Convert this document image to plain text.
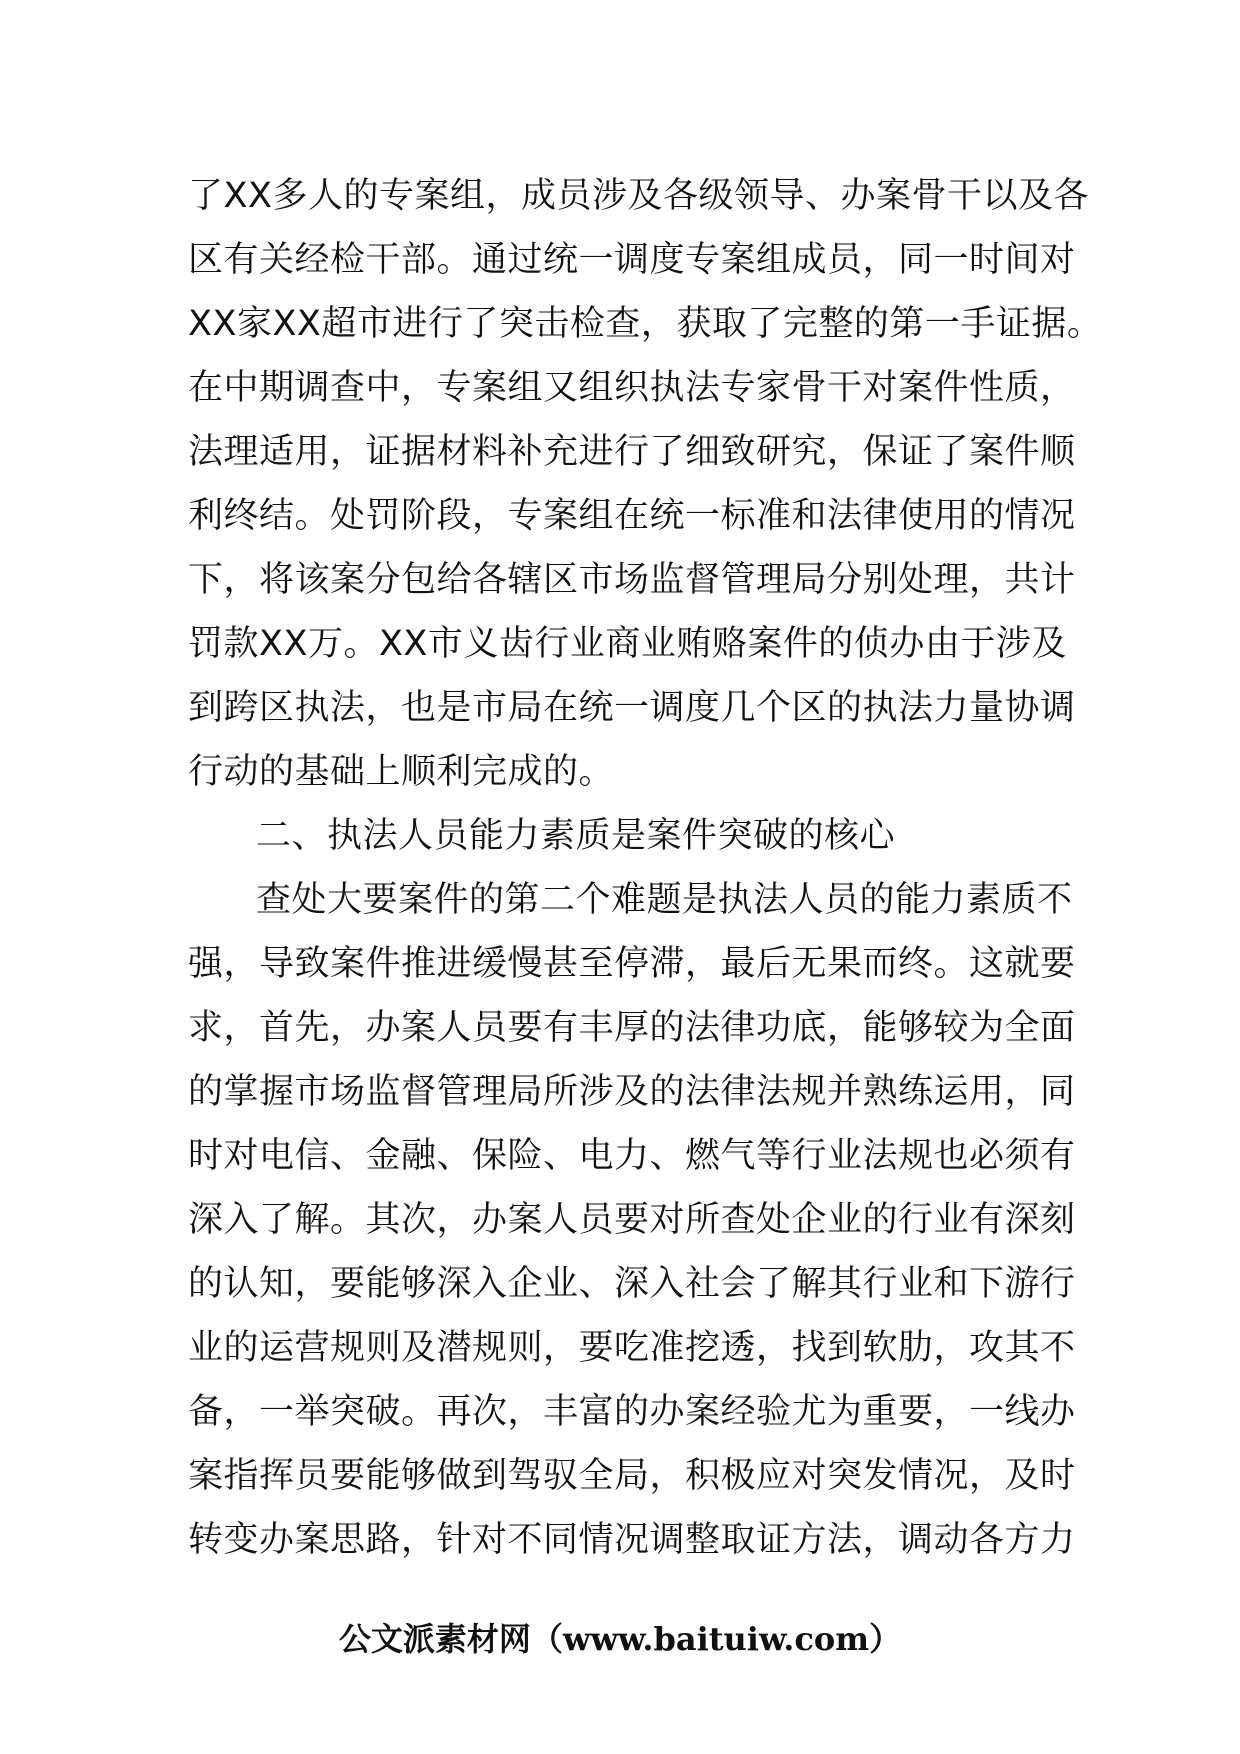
了XX多人的专案组，成员涉及各级领导、办案骨干以及各
区有关经检干部。通过统一调度专案组成员，同一时间对
XX家XX超市进行了突击检查，获取了完整的第一手证据。
在中期调查中，专案组又组织执法专家骨干对案件性质，
法理适用，证据材料补充进行了细致研究，保证了案件顺
利终结。处罚阶段，专案组在统一标准和法律使用的情况
下，将该案分包给各辖区市场监督管理局分别处理，共计
罚款XX万。XX市义齿行业商业贿赂案件的侦办由于涉及
到跨区执法，也是市局在统一调度几个区的执法力量协调
行动的基础上顺利完成的。
二、执法人员能力素质是案件突破的核心
查处大要案件的第二个难题是执法人员的能力素质不
强，导致案件推进缓慢甚至停滞，最后无果而终。这就要
求，首先，办案人员要有丰厚的法律功底，能够较为全面
的掌握市场监督管理局所涉及的法律法规并熟练运用，同
时对电信、金融、保险、电力、燃气等行业法规也必须有
深入了解。其次，办案人员要对所查处企业的行业有深刻
的认知，要能够深入企业、深入社会了解其行业和下游行
业的运营规则及潜规则，要吃准挖透，找到软肋，攻其不
备，一举突破。再次，丰富的办案经验尤为重要，一线办
案指挥员要能够做到驾驭全局，积极应对突发情况，及时
转变办案思路，针对不同情况调整取证方法，调动各方力
公文派素材网（www.baituiw.com）
